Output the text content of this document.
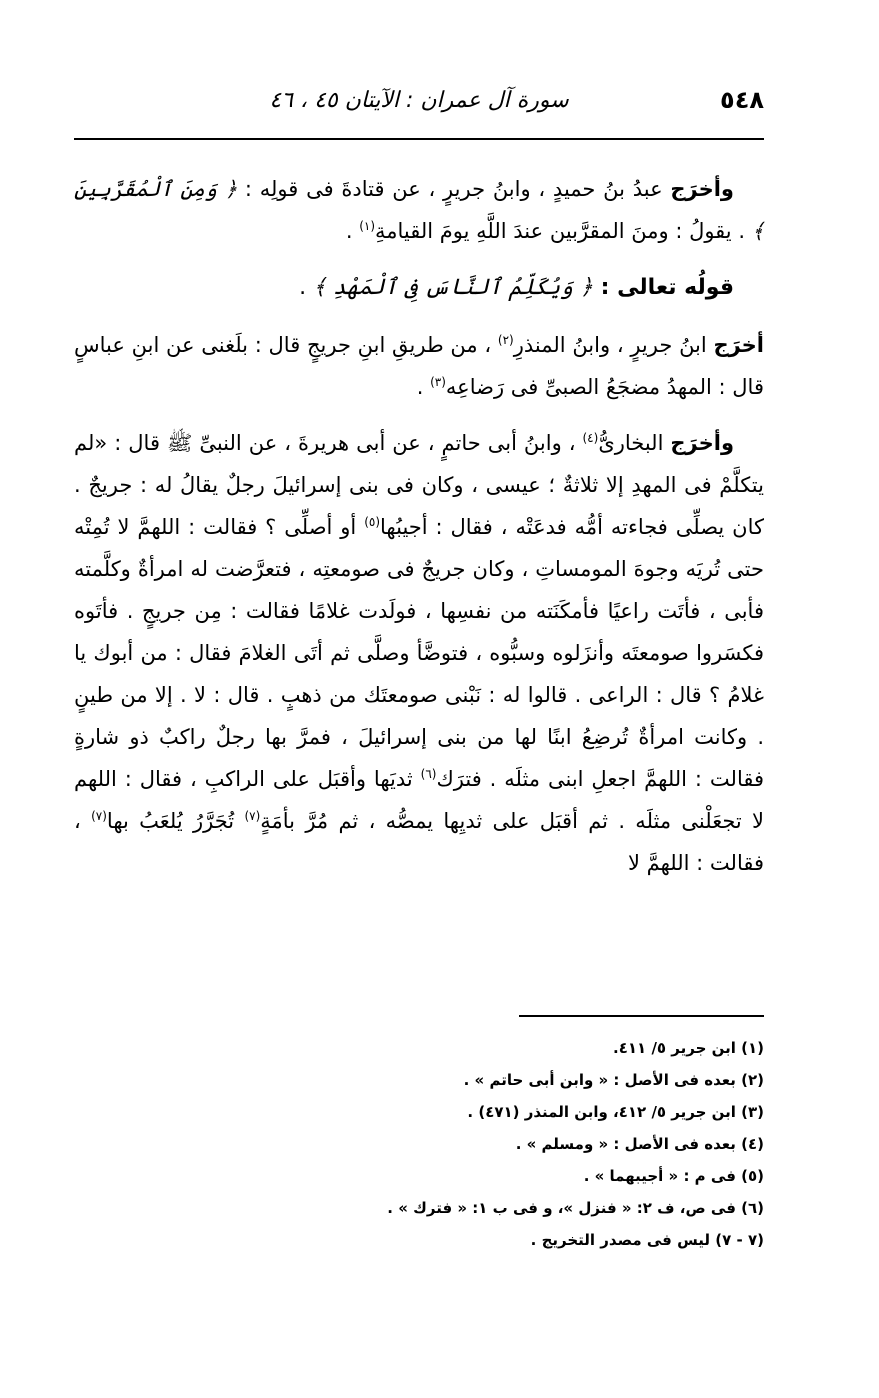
٥٤٨
سورة آل عمران : الآيتان ٤٥ ، ٤٦

وأخرَج عبدُ بنُ حميدٍ ، وابنُ جريرٍ ، عن قتادةَ فى قولِه : ﴿ وَمِنَ ٱلْمُقَرَّبِينَ ﴾ . يقولُ : ومنَ المقرَّبين عندَ اللَّهِ يومَ القيامةِ$^{(١)}$ .

قولُه تعالى : ﴿ وَيُكَلِّمُ ٱلنَّاسَ فِى ٱلْمَهْدِ ﴾ .

أخرَج ابنُ جريرٍ ، وابنُ المنذرِ$^{(٢)}$ ، من طريقِ ابنِ جريجٍ قال : بلَغنى عن ابنِ عباسٍ قال : المهدُ مضجَعُ الصبىِّ فى رَضاعِه$^{(٣)}$ .

وأخرَج البخارىُّ$^{(٤)}$ ، وابنُ أبى حاتمٍ ، عن أبى هريرةَ ، عن النبىِّ ﷺ قال : «لم يتكلَّمْ فى المهدِ إلا ثلاثةٌ ؛ عيسى ، وكان فى بنى إسرائيلَ رجلٌ يقالُ له : جريجٌ . كان يصلِّى فجاءته أمُّه فدعَتْه ، فقال : أجيبُها$^{(٥)}$ أو أصلِّى ؟ فقالت : اللهمَّ لا تُمِتْه حتى تُريَه وجوهَ المومساتِ ، وكان جريجٌ فى صومعتِه ، فتعرَّضت له امرأةٌ وكلَّمته فأبى ، فأتَت راعيًا فأمكَنَته من نفسِها ، فولَدت غلامًا فقالت : مِن جريجٍ . فأتَوه فكسَروا صومعتَه وأنزَلوه وسبُّوه ، فتوضَّأ وصلَّى ثم أتَى الغلامَ فقال : من أبوك يا غلامُ ؟ قال : الراعى . قالوا له : نَبْنى صومعتَك من ذهبٍ . قال : لا . إلا من طينٍ . وكانت امرأةٌ تُرضِعُ ابنًا لها من بنى إسرائيلَ ، فمرَّ بها رجلٌ راكبٌ ذو شارةٍ فقالت : اللهمَّ اجعلِ ابنى مثلَه . فترَك$^{(٦)}$ ثديَها وأقبَل على الراكبِ ، فقال : اللهم لا تجعَلْنى مثلَه . ثم أقبَل على ثديِها يمصُّه ، ثم مُرَّ بأمَةٍ$^{(٧)}$ تُجَرَّرُ يُلعَبُ بها$^{(٧)}$ ، فقالت : اللهمَّ لا

(١) ابن جرير ٥/ ٤١١.

(٢) بعده فى الأصل : « وابن أبى حاتم » .

(٣) ابن جرير ٥/ ٤١٢، وابن المنذر (٤٧١) .

(٤) بعده فى الأصل : « ومسلم » .

(٥) فى م : « أجيبهما » .

(٦) فى ص، ف ٢: « فنزل »، و فى ب ١: « فترك » .

(٧ - ٧) ليس فى مصدر التخريج .
